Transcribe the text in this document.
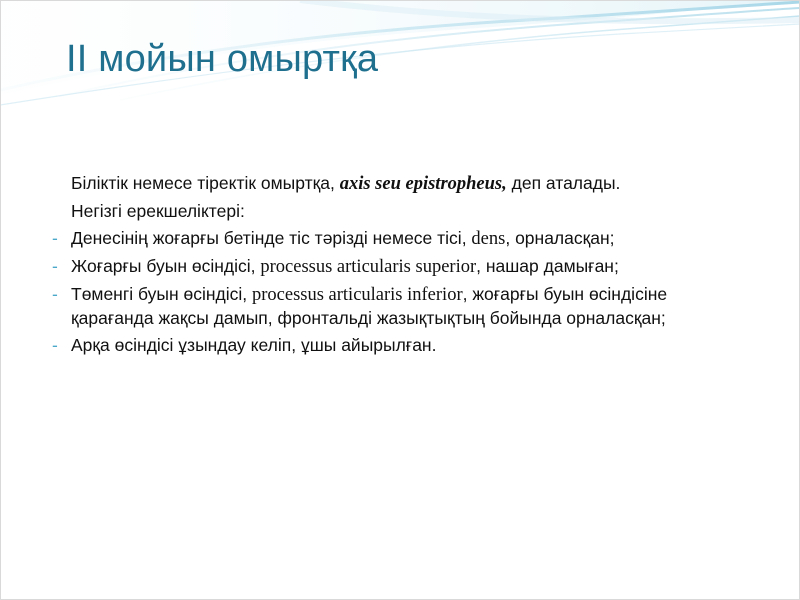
II мойын омыртқа

Біліктік немесе тіректік омыртқа, axis seu epistropheus, деп аталады.

Негізгі ерекшеліктері:

- Денесінің жоғарғы бетінде тіс тәрізді немесе тісі, dens, орналасқан;
- Жоғарғы буын өсіндісі, processus articularis superior, нашар дамыған;
- Төменгі буын өсіндісі, processus articularis inferior, жоғарғы буын өсіндісіне қарағанда жақсы дамып, фронтальді жазықтықтың бойында орналасқан;
- Арқа өсіндісі ұзындау келіп, ұшы айырылған.
